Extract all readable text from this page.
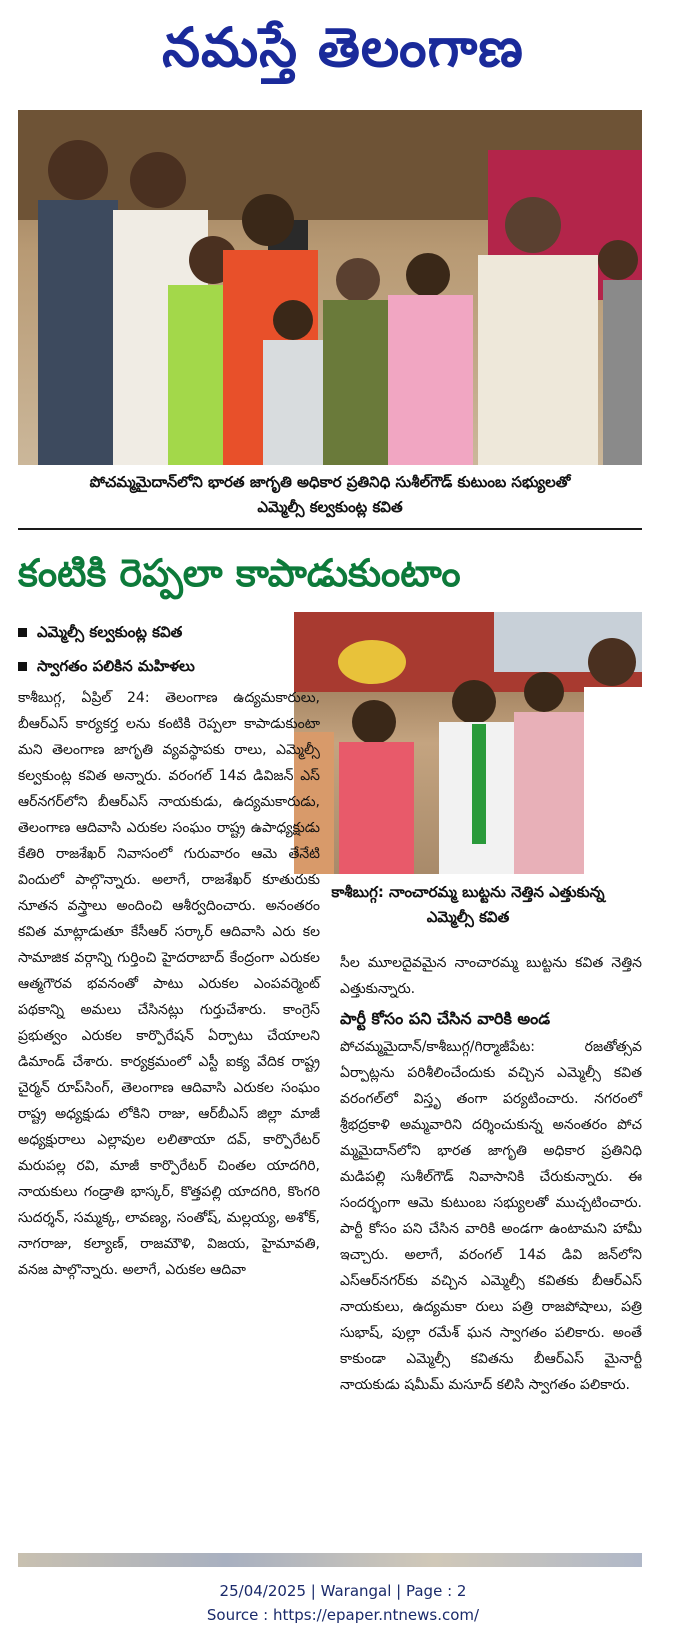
నమస్తే తెలంగాణ
పోచమ్మమైదాన్‌లోని భారత జాగృతి అధికార ప్రతినిధి సుశీల్‌గౌడ్ కుటుంబ సభ్యులతో
ఎమ్మెల్సీ కల్వకుంట్ల కవిత
కంటికి రెప్పలా కాపాడుకుంటాం
ఎమ్మెల్సీ కల్వకుంట్ల కవిత
స్వాగతం పలికిన మహిళలు
కాశీబుగ్గ: నాంచారమ్మ బుట్టను నెత్తిన ఎత్తుకున్న
ఎమ్మెల్సీ కవిత

కాశీబుగ్గ, ఏప్రిల్ 24: తెలంగాణ ఉద్యమకారులు, బీఆర్‌ఎస్ కార్యకర్త లను కంటికి రెప్పలా కాపాడుకుంటా మని తెలంగాణ జాగృతి వ్యవస్థాపకు రాలు, ఎమ్మెల్సీ కల్వకుంట్ల కవిత అన్నారు. వరంగల్ 14వ డివిజన్ ఎస్ ఆర్‌నగర్‌లోని బీఆర్‌ఎస్ నాయకుడు, ఉద్యమకారుడు, తెలంగాణ ఆదివాసి ఎరుకల సంఘం రాష్ట్ర ఉపాధ్యక్షుడు కేతిరి రాజశేఖర్ నివాసంలో గురువారం ఆమె తేనేటి విందులో పాల్గొన్నారు. అలాగే, రాజశేఖర్ కూతురుకు నూతన వస్త్రాలు అందించి ఆశీర్వదించారు. అనంతరం కవిత మాట్లాడుతూ కేసీఆర్ సర్కార్ ఆదివాసి ఎరు కల సామాజిక వర్గాన్ని గుర్తించి హైదరాబాద్ కేంద్రంగా ఎరుకల ఆత్మగౌరవ భవనంతో పాటు ఎరుకల ఎంపవర్మెంట్ పథకాన్ని అమలు చేసినట్లు గుర్తుచేశారు. కాంగ్రెస్ ప్రభుత్వం ఎరుకల కార్పొరేషన్ ఏర్పాటు చేయాలని డిమాండ్ చేశారు. కార్యక్రమంలో ఎస్టీ ఐక్య వేదిక రాష్ట్ర చైర్మన్ రూప్‌సింగ్, తెలంగాణ ఆదివాసి ఎరుకల సంఘం రాష్ట్ర అధ్యక్షుడు లోకిని రాజు, ఆర్‌బీఎస్ జిల్లా మాజీ అధ్యక్షురాలు ఎల్లావుల లలితాయా దవ్, కార్పొరేటర్ మరుపల్ల రవి, మాజీ కార్పొరేటర్ చింతల యాదగిరి, నాయకులు గండ్రాతి భాస్కర్, కొత్తపల్లి యాదగిరి, కొంగరి సుదర్శన్, సమ్మక్క, లావణ్య, సంతోష్, మల్లయ్య, అశోక్, నాగరాజు, కల్యాణ్, రాజమౌళి, విజయ, హైమావతి, వనజ పాల్గొన్నారు. అలాగే, ఎరుకల ఆదివా

సీల మూలదైవమైన నాంచారమ్మ బుట్టను కవిత నెత్తిన ఎత్తుకున్నారు.

పార్టీ కోసం పని చేసిన వారికి అండ

పోచమ్మమైదాన్/కాశీబుగ్గ/గిర్మాజీపేట: రజతోత్సవ ఏర్పాట్లను పరిశీలించేందుకు వచ్చిన ఎమ్మెల్సీ కవిత వరంగల్‌లో విస్తృ తంగా పర్యటించారు. నగరంలో శ్రీభద్రకాళి అమ్మవారిని దర్శించుకున్న అనంతరం పోచ మ్మమైదాన్‌లోని భారత జాగృతి అధికార ప్రతినిధి మడిపల్లి సుశీల్‌గౌడ్ నివాసానికి చేరుకున్నారు. ఈ సందర్భంగా ఆమె కుటుంబ సభ్యులతో ముచ్చటించారు. పార్టీ కోసం పని చేసిన వారికి అండగా ఉంటామని హామీ ఇచ్చారు. అలాగే, వరంగల్ 14వ డివి జన్‌లోని ఎస్‌ఆర్‌నగర్‌కు వచ్చిన ఎమ్మెల్సీ కవితకు బీఆర్‌ఎస్ నాయకులు, ఉద్యమకా రులు పత్రి రాజపోషాలు, పత్రి సుభాష్, పుల్లా రమేశ్ ఘన స్వాగతం పలికారు. అంతే కాకుండా ఎమ్మెల్సీ కవితను బీఆర్‌ఎస్ మైనార్టీ నాయకుడు షమీమ్ మసూద్ కలిసి స్వాగతం పలికారు.

25/04/2025 | Warangal | Page : 2
Source : https://epaper.ntnews.com/
